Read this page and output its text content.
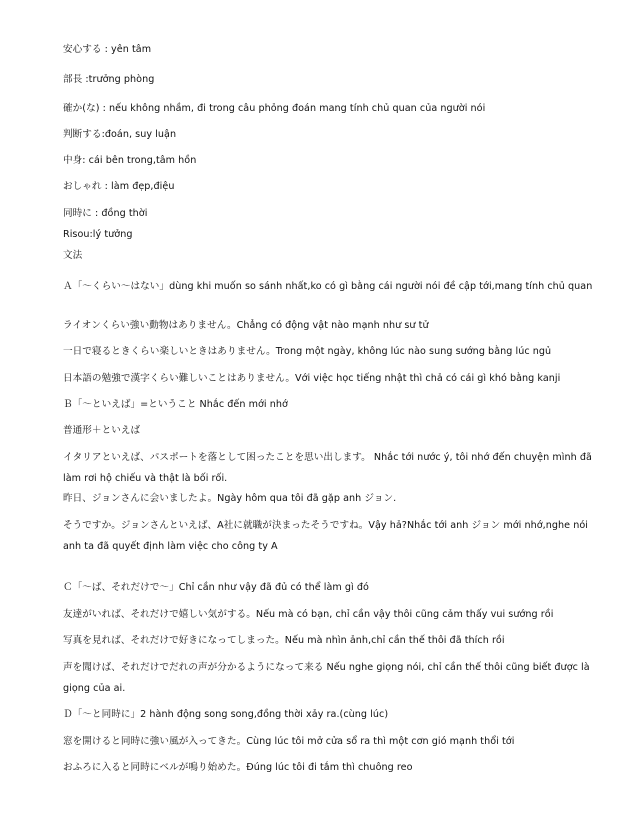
安心する : yên tâm
部長 :trưởng phòng
確か(な) : nếu không nhầm, đi trong câu phỏng đoán mang tính chủ quan của người nói
判断する:đoán, suy luận
中身: cái bên trong,tâm hồn
おしゃれ : làm đẹp,điệu
同時に : đồng thời
Risou:lý tưởng
文法
Ａ「～くらい～はない」dùng khi muốn so sánh nhất,ko có gì bằng cái người nói đề cập tới,mang tính chủ quan
ライオンくらい強い動物はありません。Chẳng có động vật nào mạnh như sư tử
一日で寝るときくらい楽しいときはありません。Trong một ngày, không lúc nào sung sướng bằng lúc ngủ
日本語の勉強で漢字くらい難しいことはありません。Với việc học tiếng nhật thì chả có cái gì khó bằng kanji
Ｂ「～といえば」=ということ Nhắc đến mới nhớ
普通形＋といえば
イタリアといえば、パスポートを落として困ったことを思い出します。 Nhắc tới nước ý, tôi nhớ đến chuyện mình đã làm rơi hộ chiếu và thật là bối rối.
昨日、ジョンさんに会いましたよ。Ngày hôm qua tôi đã gặp anh ジョン.
そうですか。ジョンさんといえば、A社に就職が決まったそうですね。Vậy hả?Nhắc tới anh ジョン mới nhớ,nghe nói anh ta đã quyết định làm việc cho công ty A
Ｃ「～ば、それだけで～」Chỉ cần như vậy đã đủ có thể làm gì đó
友達がいれば、それだけで嬉しい気がする。Nếu mà có bạn, chỉ cần vậy thôi cũng cảm thấy vui sướng rồi
写真を見れば、それだけで好きになってしまった。Nếu mà nhìn ảnh,chỉ cần thế thôi đã thích rồi
声を聞けば、それだけでだれの声が分かるようになって来る Nếu nghe giọng nói, chỉ cần thế thôi cũng biết được là giọng của ai.
Ｄ「～と同時に」2 hành động song song,đồng thời xảy ra.(cùng lúc)
窓を開けると同時に強い風が入ってきた。Cùng lúc tôi mở cửa sổ ra thì một cơn gió mạnh thổi tới
おふろに入ると同時にベルが鳴り始めた。Đúng lúc tôi đi tắm thì chuông reo
